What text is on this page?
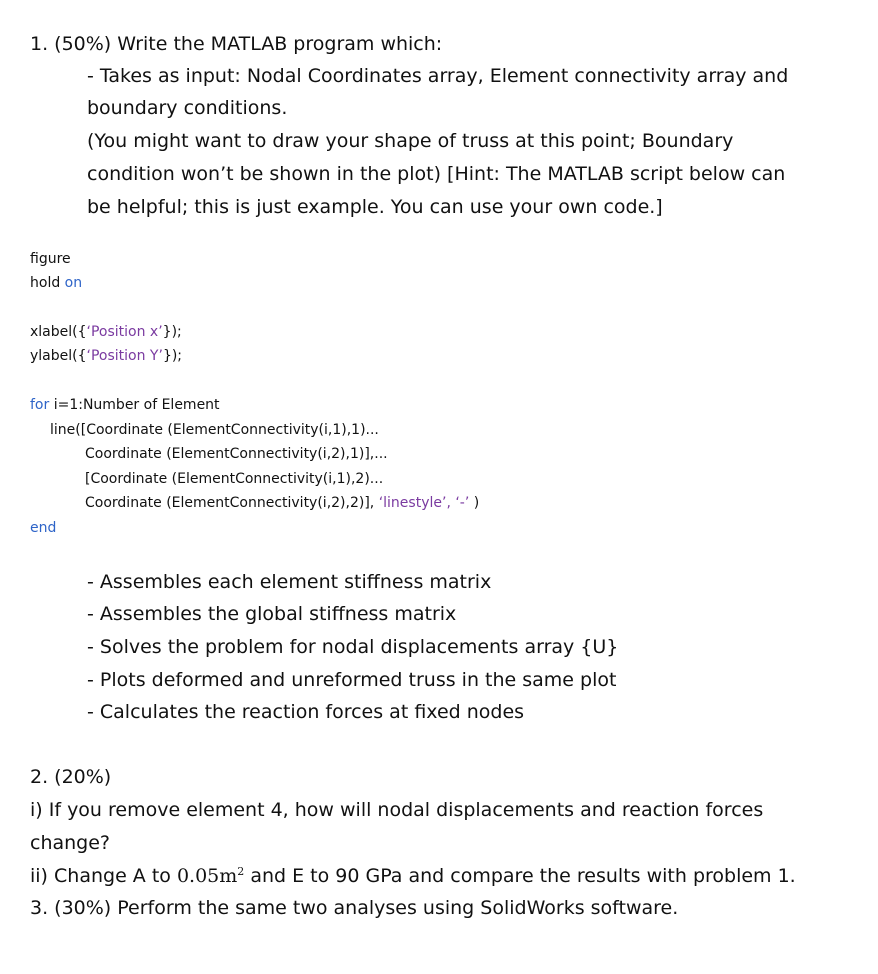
1. (50%) Write the MATLAB program which:
- Takes as input: Nodal Coordinates array, Element connectivity array and
boundary conditions.
(You might want to draw your shape of truss at this point; Boundary
condition won’t be shown in the plot) [Hint: The MATLAB script below can
be helpful; this is just example. You can use your own code.]
figure
hold on
xlabel({‘Position x’});
ylabel({‘Position Y’});
for i=1:Number of Element
line([Coordinate (ElementConnectivity(i,1),1)...
Coordinate (ElementConnectivity(i,2),1)],...
[Coordinate (ElementConnectivity(i,1),2)...
Coordinate (ElementConnectivity(i,2),2)], ‘linestyle’, ‘-’ )
end
- Assembles each element stiffness matrix
- Assembles the global stiffness matrix
- Solves the problem for nodal displacements array {U}
- Plots deformed and unreformed truss in the same plot
- Calculates the reaction forces at fixed nodes
2. (20%)
i) If you remove element 4, how will nodal displacements and reaction forces
change?
ii) Change A to $0.05m^2$ and E to 90 GPa and compare the results with problem 1.
3. (30%) Perform the same two analyses using SolidWorks software.
